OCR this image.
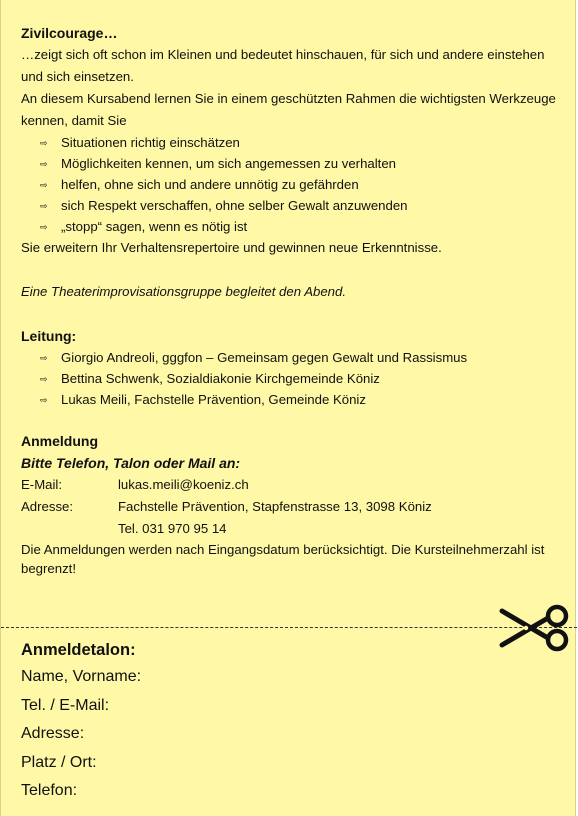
Zivilcourage…
…zeigt sich oft schon im Kleinen und bedeutet hinschauen, für sich und andere einstehen und sich einsetzen.
An diesem Kursabend lernen Sie in einem geschützten Rahmen die wichtigsten Werkzeuge kennen, damit Sie
⇨ Situationen richtig einschätzen
⇨ Möglichkeiten kennen, um sich angemessen zu verhalten
⇨ helfen, ohne sich und andere unnötig zu gefährden
⇨ sich Respekt verschaffen, ohne selber Gewalt anzuwenden
⇨ „stopp“ sagen, wenn es nötig ist
Sie erweitern Ihr Verhaltensrepertoire und gewinnen neue Erkenntnisse.
Eine Theaterimprovisationsgruppe begleitet den Abend.
Leitung:
⇨ Giorgio Andreoli, gggfon – Gemeinsam gegen Gewalt und Rassismus
⇨ Bettina Schwenk, Sozialdiakonie Kirchgemeinde Köniz
⇨ Lukas Meili, Fachstelle Prävention, Gemeinde Köniz
Anmeldung
Bitte Telefon, Talon oder Mail an:
E-Mail:	lukas.meili@koeniz.ch
Adresse:	Fachstelle Prävention, Stapfenstrasse 13, 3098 Köniz
Tel. 031 970 95 14
Die Anmeldungen werden nach Eingangsdatum berücksichtigt. Die Kursteilnehmerzahl ist begrenzt!
Anmeldetalon:
Name, Vorname:
Tel. / E-Mail:
Adresse:
Platz / Ort:
Telefon:
